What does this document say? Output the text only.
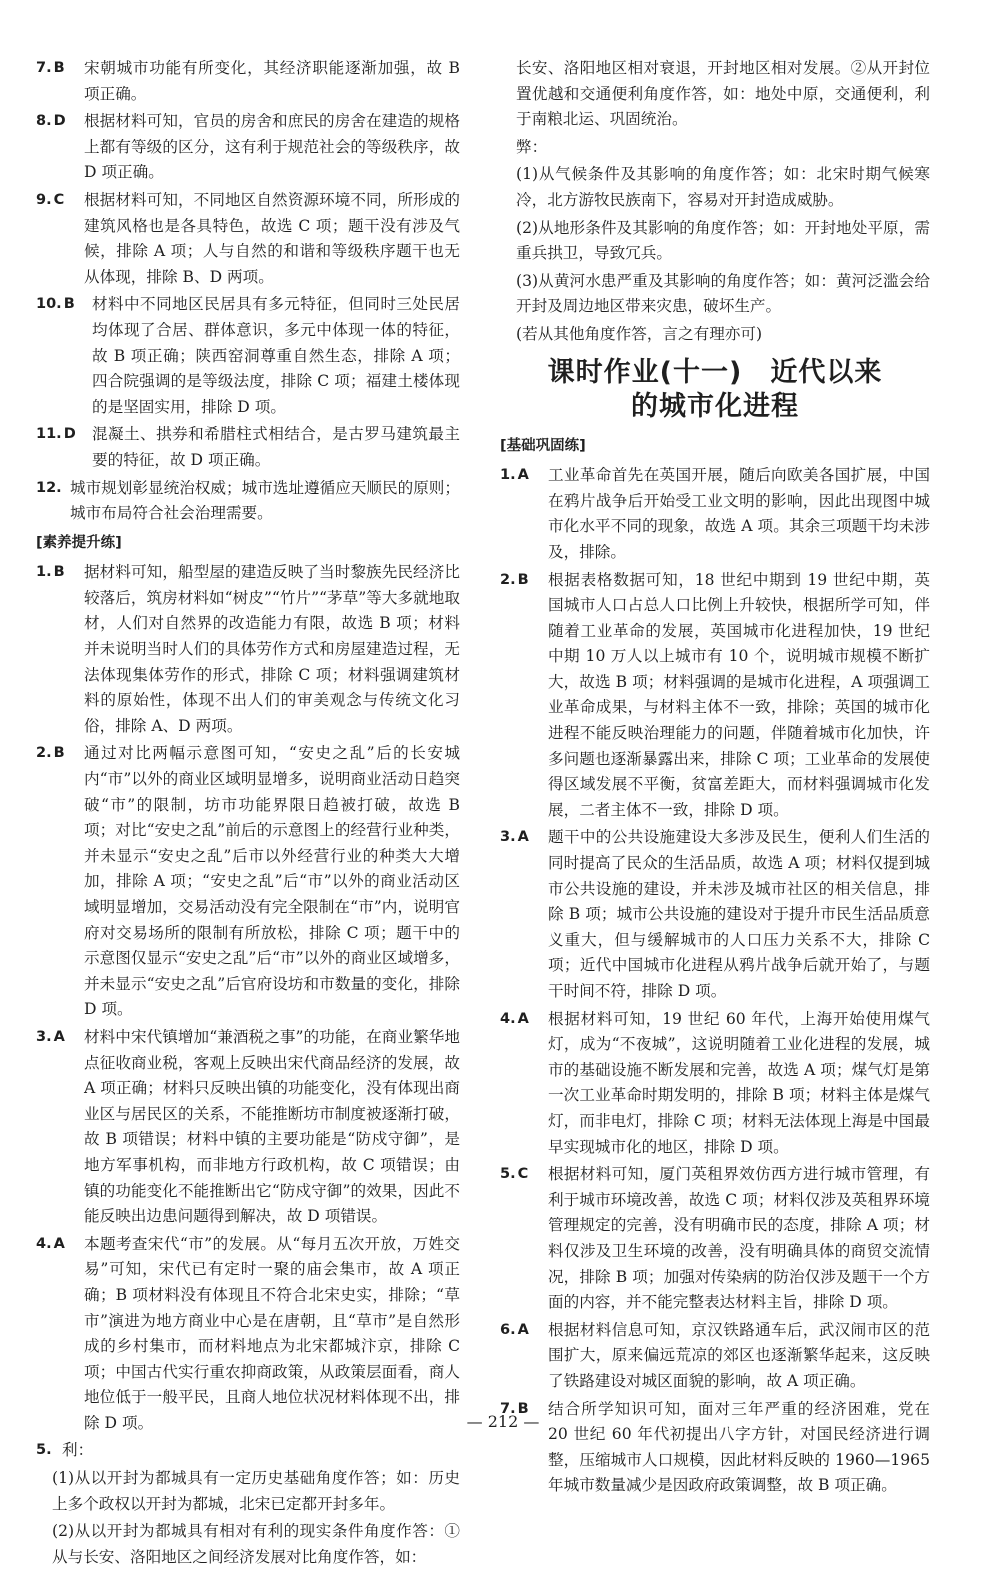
7. B 宋朝城市功能有所变化，其经济职能逐渐加强，故 B 项正确。
8. D 根据材料可知，官员的房舍和庶民的房舍在建造的规格上都有等级的区分，这有利于规范社会的等级秩序，故 D 项正确。
9. C 根据材料可知，不同地区自然资源环境不同，所形成的建筑风格也是各具特色，故选 C 项；题干没有涉及气候，排除 A 项；人与自然的和谐和等级秩序题干也无从体现，排除 B、D 两项。
10. B 材料中不同地区民居具有多元特征，但同时三处民居均体现了合居、群体意识，多元中体现一体的特征，故 B 项正确；陕西窑洞尊重自然生态，排除 A 项；四合院强调的是等级法度，排除 C 项；福建土楼体现的是坚固实用，排除 D 项。
11. D 混凝土、拱券和希腊柱式相结合，是古罗马建筑最主要的特征，故 D 项正确。
12. 城市规划彰显统治权威；城市选址遵循应天顺民的原则；城市布局符合社会治理需要。
[素养提升练]
1. B 据材料可知，船型屋的建造反映了当时黎族先民经济比较落后，筑房材料如“树皮”“竹片”“茅草”等大多就地取材，人们对自然界的改造能力有限，故选 B 项；材料并未说明当时人们的具体劳作方式和房屋建造过程，无法体现集体劳作的形式，排除 C 项；材料强调建筑材料的原始性，体现不出人们的审美观念与传统文化习俗，排除 A、D 两项。
2. B 通过对比两幅示意图可知，“安史之乱”后的长安城内“市”以外的商业区域明显增多，说明商业活动日趋突破“市”的限制，坊市功能界限日趋被打破，故选 B 项；对比“安史之乱”前后的示意图上的经营行业种类，并未显示“安史之乱”后市以外经营行业的种类大大增加，排除 A 项；“安史之乱”后“市”以外的商业活动区域明显增加，交易活动没有完全限制在“市”内，说明官府对交易场所的限制有所放松，排除 C 项；题干中的示意图仅显示“安史之乱”后“市”以外的商业区域增多，并未显示“安史之乱”后官府设坊和市数量的变化，排除 D 项。
3. A 材料中宋代镇增加“兼酒税之事”的功能，在商业繁华地点征收商业税，客观上反映出宋代商品经济的发展，故 A 项正确；材料只反映出镇的功能变化，没有体现出商业区与居民区的关系，不能推断坊市制度被逐渐打破，故 B 项错误；材料中镇的主要功能是“防戍守御”，是地方军事机构，而非地方行政机构，故 C 项错误；由镇的功能变化不能推断出它“防戍守御”的效果，因此不能反映出边患问题得到解决，故 D 项错误。
4. A 本题考查宋代“市”的发展。从“每月五次开放，万姓交易”可知，宋代已有定时一聚的庙会集市，故 A 项正确；B 项材料没有体现且不符合北宋史实，排除；“草市”演进为地方商业中心是在唐朝，且“草市”是自然形成的乡村集市，而材料地点为北宋都城汴京，排除 C 项；中国古代实行重农抑商政策，从政策层面看，商人地位低于一般平民，且商人地位状况材料体现不出，排除 D 项。
5. 利：
(1)从以开封为都城具有一定历史基础角度作答；如：历史上多个政权以开封为都城，北宋已定都开封多年。
(2)从以开封为都城具有相对有利的现实条件角度作答：①从与长安、洛阳地区之间经济发展对比角度作答，如：
长安、洛阳地区相对衰退，开封地区相对发展。②从开封位置优越和交通便利角度作答，如：地处中原，交通便利，利于南粮北运、巩固统治。
弊：
(1)从气候条件及其影响的角度作答；如：北宋时期气候寒冷，北方游牧民族南下，容易对开封造成威胁。
(2)从地形条件及其影响的角度作答；如：开封地处平原，需重兵拱卫，导致冗兵。
(3)从黄河水患严重及其影响的角度作答；如：黄河泛滥会给开封及周边地区带来灾患，破坏生产。
(若从其他角度作答，言之有理亦可)
课时作业(十一)　近代以来
的城市化进程
[基础巩固练]
1. A 工业革命首先在英国开展，随后向欧美各国扩展，中国在鸦片战争后开始受工业文明的影响，因此出现图中城市化水平不同的现象，故选 A 项。其余三项题干均未涉及，排除。
2. B 根据表格数据可知，18 世纪中期到 19 世纪中期，英国城市人口占总人口比例上升较快，根据所学可知，伴随着工业革命的发展，英国城市化进程加快，19 世纪中期 10 万人以上城市有 10 个，说明城市规模不断扩大，故选 B 项；材料强调的是城市化进程，A 项强调工业革命成果，与材料主体不一致，排除；英国的城市化进程不能反映治理能力的问题，伴随着城市化加快，许多问题也逐渐暴露出来，排除 C 项；工业革命的发展使得区域发展不平衡，贫富差距大，而材料强调城市化发展，二者主体不一致，排除 D 项。
3. A 题干中的公共设施建设大多涉及民生，便利人们生活的同时提高了民众的生活品质，故选 A 项；材料仅提到城市公共设施的建设，并未涉及城市社区的相关信息，排除 B 项；城市公共设施的建设对于提升市民生活品质意义重大，但与缓解城市的人口压力关系不大，排除 C 项；近代中国城市化进程从鸦片战争后就开始了，与题干时间不符，排除 D 项。
4. A 根据材料可知，19 世纪 60 年代，上海开始使用煤气灯，成为“不夜城”，这说明随着工业化进程的发展，城市的基础设施不断发展和完善，故选 A 项；煤气灯是第一次工业革命时期发明的，排除 B 项；材料主体是煤气灯，而非电灯，排除 C 项；材料无法体现上海是中国最早实现城市化的地区，排除 D 项。
5. C 根据材料可知，厦门英租界效仿西方进行城市管理，有利于城市环境改善，故选 C 项；材料仅涉及英租界环境管理规定的完善，没有明确市民的态度，排除 A 项；材料仅涉及卫生环境的改善，没有明确具体的商贸交流情况，排除 B 项；加强对传染病的防治仅涉及题干一个方面的内容，并不能完整表达材料主旨，排除 D 项。
6. A 根据材料信息可知，京汉铁路通车后，武汉闹市区的范围扩大，原来偏远荒凉的郊区也逐渐繁华起来，这反映了铁路建设对城区面貌的影响，故 A 项正确。
7. B 结合所学知识可知，面对三年严重的经济困难，党在 20 世纪 60 年代初提出八字方针，对国民经济进行调整，压缩城市人口规模，因此材料反映的 1960—1965 年城市数量减少是因政府政策调整，故 B 项正确。
— 212 —
